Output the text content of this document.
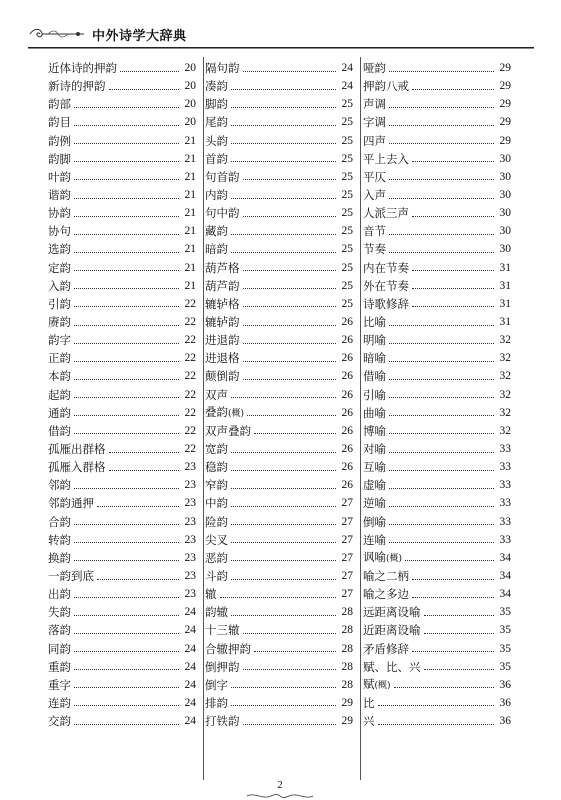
中外诗学大辞典
近体诗的押韵	20
新诗的押韵	20
韵部	20
韵目	20
韵例	21
韵脚	21
叶韵	21
谐韵	21
协韵	21
协句	21
选韵	21
定韵	21
入韵	21
引韵	22
赓韵	22
韵字	22
正韵	22
本韵	22
起韵	22
通韵	22
借韵	22
孤雁出群格	22
孤雁入群格	23
邻韵	23
邻韵通押	23
合韵	23
转韵	23
换韵	23
一韵到底	23
出韵	23
失韵	24
落韵	24
同韵	24
重韵	24
重字	24
连韵	24
交韵	24
隔句韵	24
凑韵	24
脚韵	25
尾韵	25
头韵	25
首韵	25
句首韵	25
内韵	25
句中韵	25
藏韵	25
暗韵	25
葫芦格	25
葫芦韵	25
辘轳格	25
辘轳韵	26
进退韵	26
进退格	26
颠倒韵	26
双声	26
叠韵(概)	26
双声叠韵	26
宽韵	26
稳韵	26
窄韵	26
中韵	27
险韵	27
尖叉	27
恶韵	27
斗韵	27
辙	27
韵辙	28
十三辙	28
合辙押韵	28
倒押韵	28
倒字	28
排韵	29
打铁韵	29
哑韵	29
押韵八戒	29
声调	29
字调	29
四声	29
平上去入	30
平仄	30
入声	30
人派三声	30
音节	30
节奏	30
内在节奏	31
外在节奏	31
诗歌修辞	31
比喻	31
明喻	32
暗喻	32
借喻	32
引喻	32
曲喻	32
博喻	32
对喻	33
互喻	33
虚喻	33
逆喻	33
倒喻	33
连喻	33
讽喻(概)	34
喻之二柄	34
喻之多边	34
远距离设喻	35
近距离设喻	35
矛盾修辞	35
赋、比、兴	35
赋(概)	36
比	36
兴	36
2
